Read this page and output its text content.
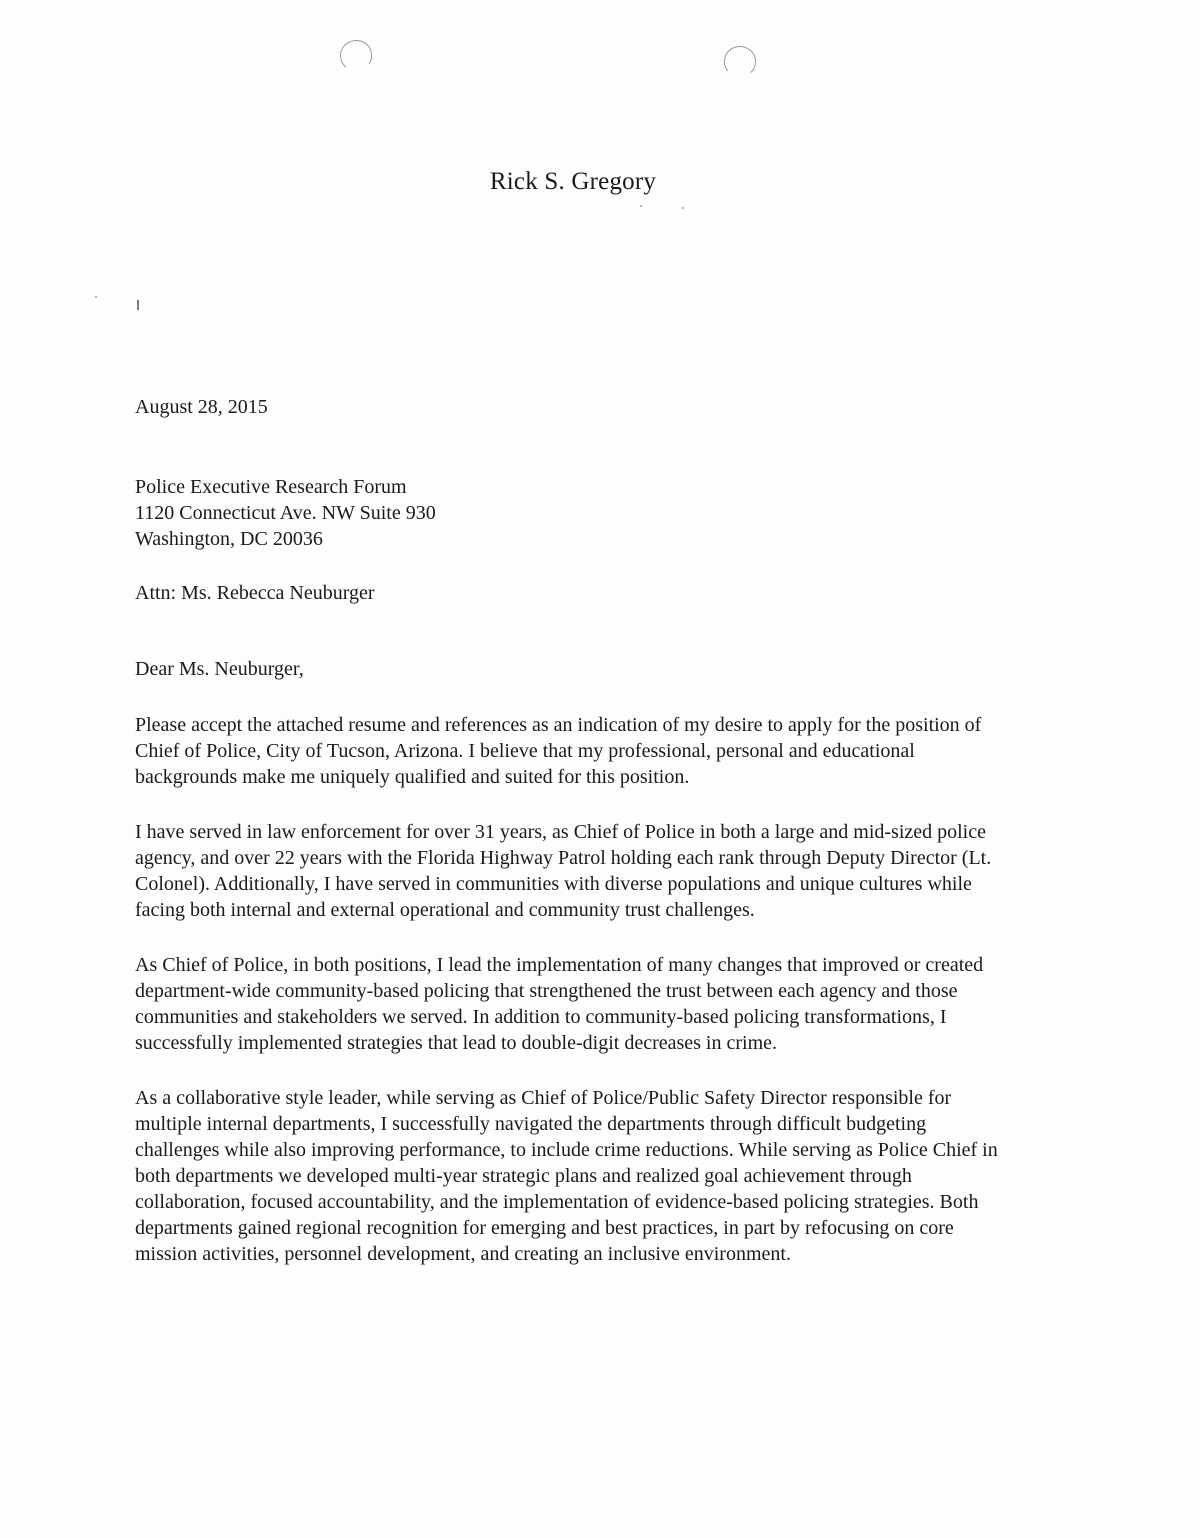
Rick S. Gregory

August 28, 2015

Police Executive Research Forum
1120 Connecticut Ave. NW Suite 930
Washington, DC 20036

Attn: Ms. Rebecca Neuburger

Dear Ms. Neuburger,

Please accept the attached resume and references as an indication of my desire to apply for the position of Chief of Police, City of Tucson, Arizona. I believe that my professional, personal and educational backgrounds make me uniquely qualified and suited for this position.

I have served in law enforcement for over 31 years, as Chief of Police in both a large and mid-sized police agency, and over 22 years with the Florida Highway Patrol holding each rank through Deputy Director (Lt. Colonel). Additionally, I have served in communities with diverse populations and unique cultures while facing both internal and external operational and community trust challenges.

As Chief of Police, in both positions, I lead the implementation of many changes that improved or created department-wide community-based policing that strengthened the trust between each agency and those communities and stakeholders we served. In addition to community-based policing transformations, I successfully implemented strategies that lead to double-digit decreases in crime.

As a collaborative style leader, while serving as Chief of Police/Public Safety Director responsible for multiple internal departments, I successfully navigated the departments through difficult budgeting challenges while also improving performance, to include crime reductions. While serving as Police Chief in both departments we developed multi-year strategic plans and realized goal achievement through collaboration, focused accountability, and the implementation of evidence-based policing strategies. Both departments gained regional recognition for emerging and best practices, in part by refocusing on core mission activities, personnel development, and creating an inclusive environment.
